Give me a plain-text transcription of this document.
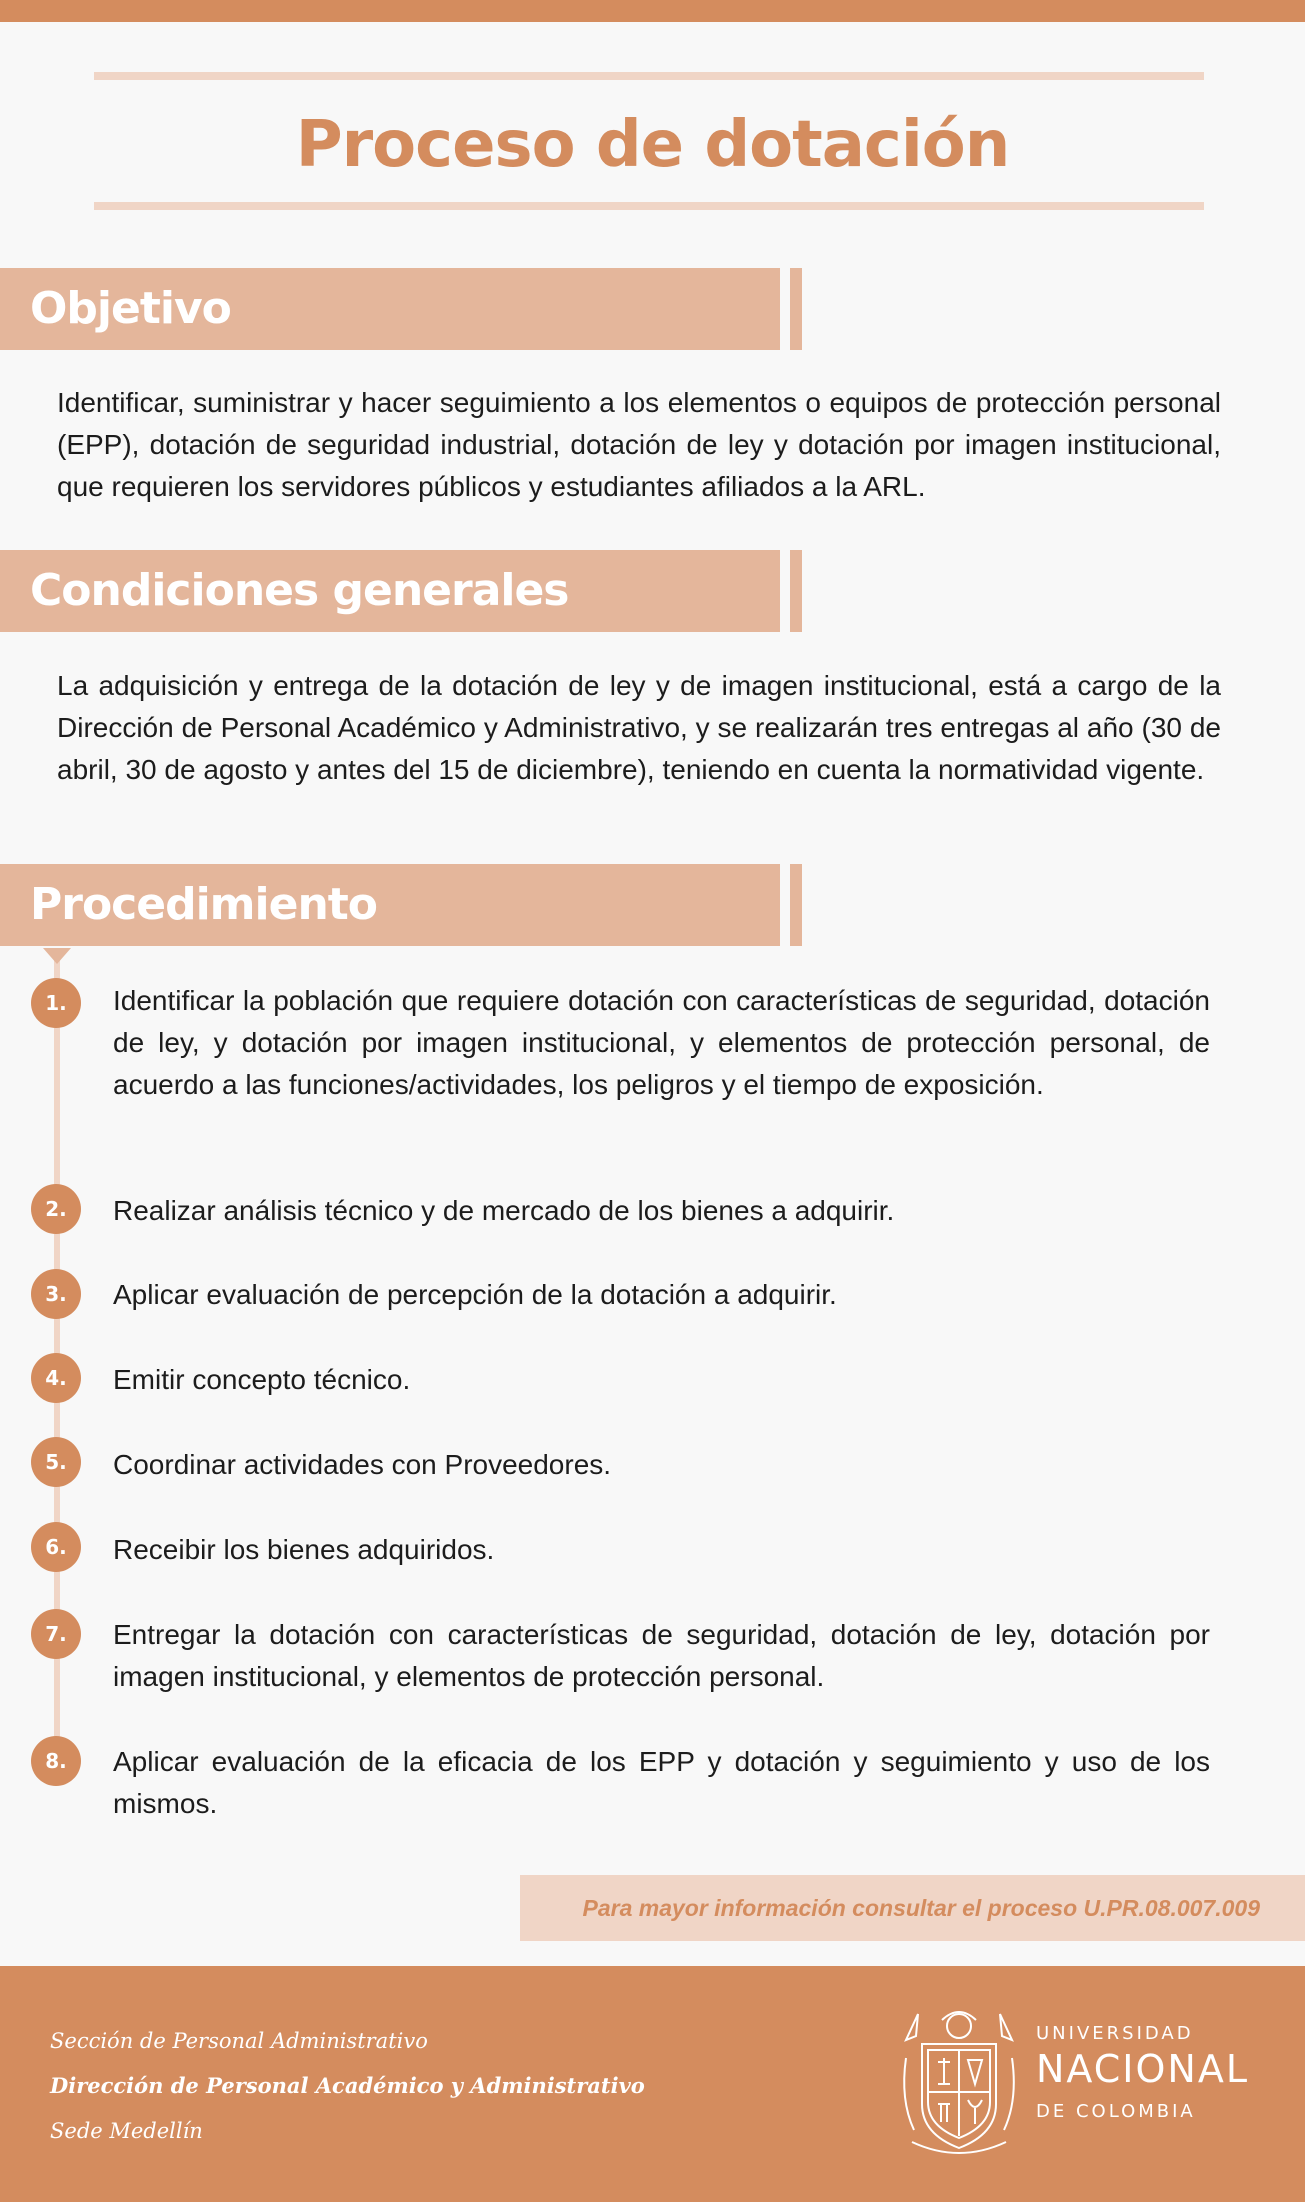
Proceso de dotación
Objetivo

Identificar, suministrar y hacer seguimiento a los elementos o equipos de protección personal (EPP), dotación de seguridad industrial, dotación de ley y dotación por imagen institucional, que requieren los servidores públicos y estudiantes afiliados a la ARL.

Condiciones generales

La adquisición y entrega de la dotación de ley y de imagen institucional, está a cargo de la Dirección de Personal Académico y Administrativo, y se realizarán tres entregas al año (30 de abril, 30 de agosto y antes del 15 de diciembre), teniendo en cuenta la normatividad vigente.

Procedimiento
1.	Identificar la población que requiere dotación con características de seguridad, dotación de ley, y dotación por imagen institucional, y elementos de protección personal, de acuerdo a las funciones/actividades, los peligros y el tiempo de exposición.

2.	Realizar análisis técnico y de mercado de los bienes a adquirir.

3.	Aplicar evaluación de percepción de la dotación a adquirir.

4.	Emitir concepto técnico.

5.	Coordinar actividades con Proveedores.

6.	Receibir los bienes adquiridos.

7.	Entregar la dotación con características de seguridad, dotación de ley, dotación por imagen institucional, y elementos de protección personal.

8.	Aplicar evaluación de la eficacia de los EPP y dotación y seguimiento y uso de los mismos.

Para mayor información consultar el proceso U.PR.08.007.009
Sección de Personal Administrativo
Dirección de Personal Académico y Administrativo
Sede Medellín
UNIVERSIDAD
NACIONAL
DE COLOMBIA
